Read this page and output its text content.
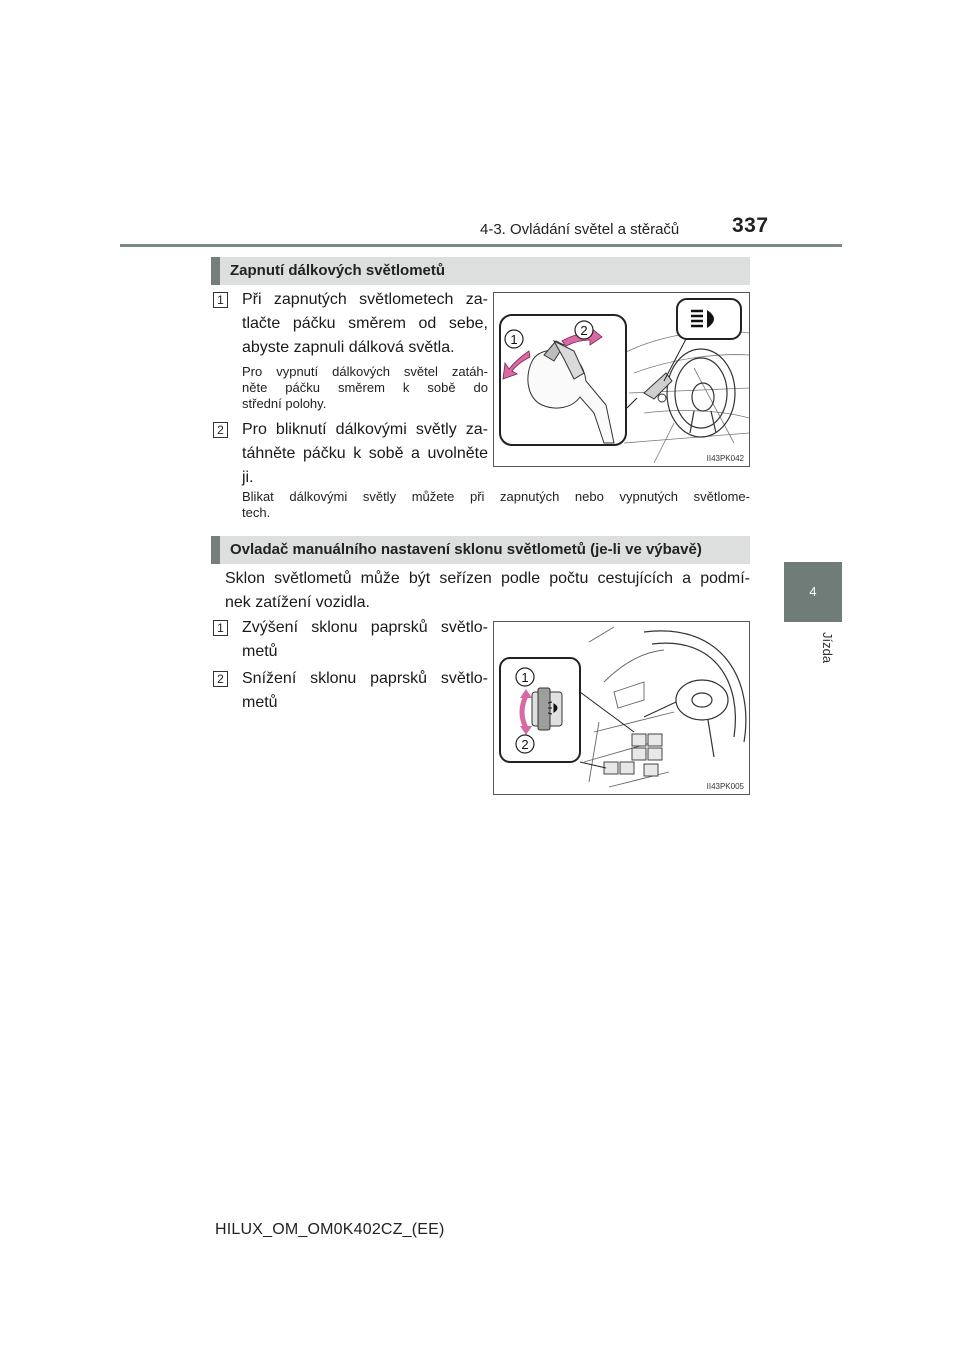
4-3. Ovládání světel a stěračů	337
4
Jízda
Zapnutí dálkových světlometů
1 Při zapnutých světlometech za-
tlačte páčku směrem od sebe,
abyste zapnuli dálková světla.
Pro vypnutí dálkových světel zatáh-
něte páčku směrem k sobě do
střední polohy.
2 Pro bliknutí dálkovými světly za-
táhněte páčku k sobě a uvolněte
ji.
Blikat dálkovými světly můžete při zapnutých nebo vypnutých světlome-
tech.
1
2
II43PK042
Ovladač manuálního nastavení sklonu světlometů (je-li ve výbavě)
Sklon světlometů může být seřízen podle počtu cestujících a podmí-
nek zatížení vozidla.
1 Zvýšení sklonu paprsků světlo-
metů
2 Snížení sklonu paprsků světlo-
metů
1
2
II43PK005
HILUX_OM_OM0K402CZ_(EE)
